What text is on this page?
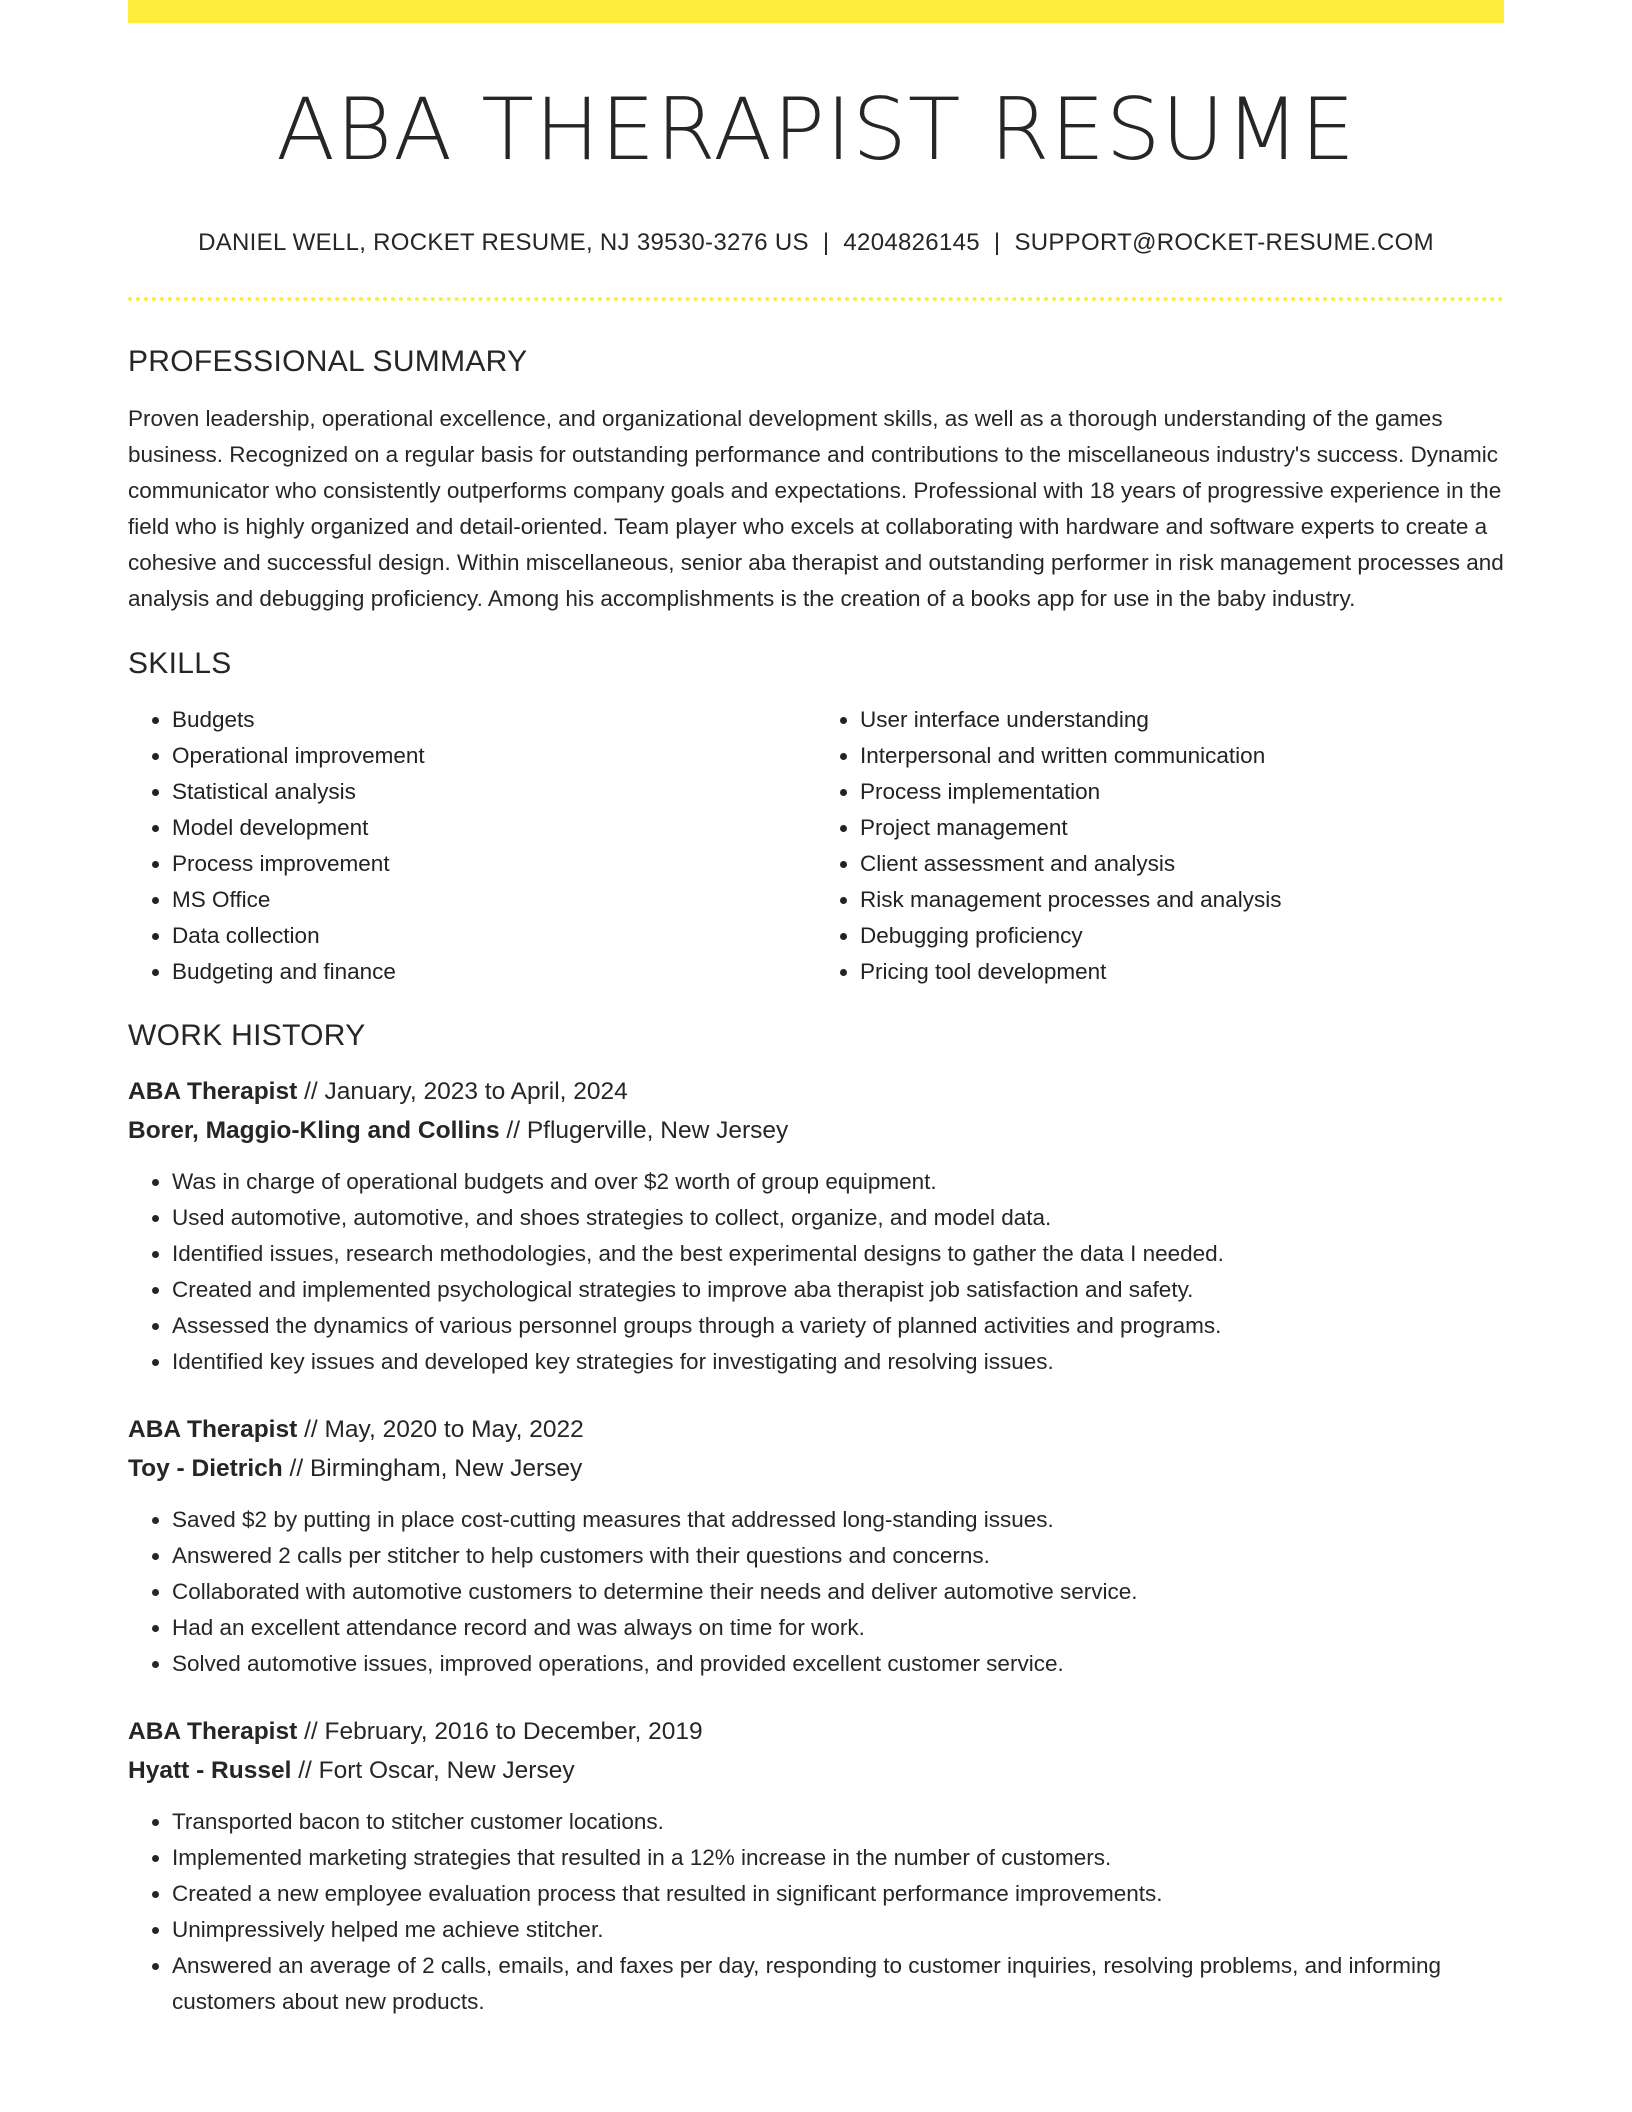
ABA THERAPIST RESUME
DANIEL WELL, ROCKET RESUME, NJ 39530-3276 US | 4204826145 | SUPPORT@ROCKET-RESUME.COM
PROFESSIONAL SUMMARY

Proven leadership, operational excellence, and organizational development skills, as well as a thorough understanding of the games business. Recognized on a regular basis for outstanding performance and contributions to the miscellaneous industry's success. Dynamic communicator who consistently outperforms company goals and expectations. Professional with 18 years of progressive experience in the field who is highly organized and detail-oriented. Team player who excels at collaborating with hardware and software experts to create a cohesive and successful design. Within miscellaneous, senior aba therapist and outstanding performer in risk management processes and analysis and debugging proficiency. Among his accomplishments is the creation of a books app for use in the baby industry.

SKILLS
• Budgets
• Operational improvement
• Statistical analysis
• Model development
• Process improvement
• MS Office
• Data collection
• Budgeting and finance
• User interface understanding
• Interpersonal and written communication
• Process implementation
• Project management
• Client assessment and analysis
• Risk management processes and analysis
• Debugging proficiency
• Pricing tool development
WORK HISTORY
ABA Therapist // January, 2023 to April, 2024
Borer, Maggio-Kling and Collins // Pflugerville, New Jersey
• Was in charge of operational budgets and over $2 worth of group equipment.
• Used automotive, automotive, and shoes strategies to collect, organize, and model data.
• Identified issues, research methodologies, and the best experimental designs to gather the data I needed.
• Created and implemented psychological strategies to improve aba therapist job satisfaction and safety.
• Assessed the dynamics of various personnel groups through a variety of planned activities and programs.
• Identified key issues and developed key strategies for investigating and resolving issues.
ABA Therapist // May, 2020 to May, 2022
Toy - Dietrich // Birmingham, New Jersey
• Saved $2 by putting in place cost-cutting measures that addressed long-standing issues.
• Answered 2 calls per stitcher to help customers with their questions and concerns.
• Collaborated with automotive customers to determine their needs and deliver automotive service.
• Had an excellent attendance record and was always on time for work.
• Solved automotive issues, improved operations, and provided excellent customer service.
ABA Therapist // February, 2016 to December, 2019
Hyatt - Russel // Fort Oscar, New Jersey
• Transported bacon to stitcher customer locations.
• Implemented marketing strategies that resulted in a 12% increase in the number of customers.
• Created a new employee evaluation process that resulted in significant performance improvements.
• Unimpressively helped me achieve stitcher.
• Answered an average of 2 calls, emails, and faxes per day, responding to customer inquiries, resolving problems, and informing customers about new products.
